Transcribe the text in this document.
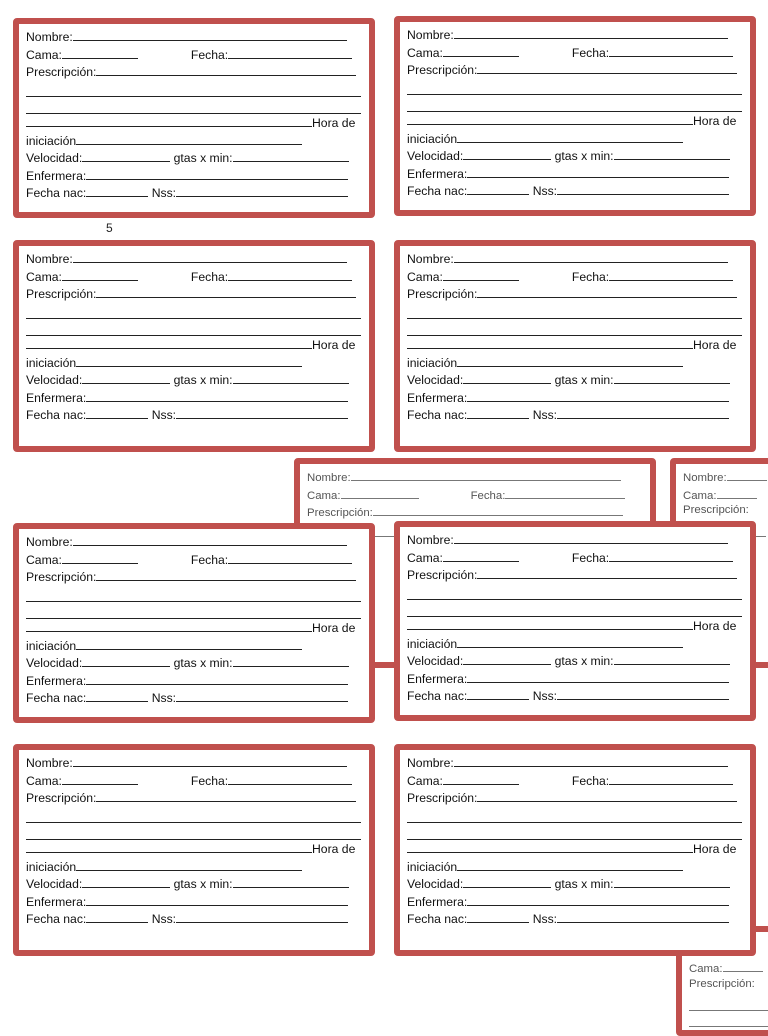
Nombre:
Cama:	Fecha:
Prescripción:
Nombre:
Cama:
Prescripción:
Cama:
Prescripción:
5
Nombre:
Cama:	Fecha:
Prescripción:
Hora de
iniciación
Velocidad:	gtas x min:
Enfermera:
Fecha nac:	Nss:
Nombre:
Cama:	Fecha:
Prescripción:
Hora de
iniciación
Velocidad:	gtas x min:
Enfermera:
Fecha nac:	Nss:
Nombre:
Cama:	Fecha:
Prescripción:
Hora de
iniciación
Velocidad:	gtas x min:
Enfermera:
Fecha nac:	Nss:
Nombre:
Cama:	Fecha:
Prescripción:
Hora de
iniciación
Velocidad:	gtas x min:
Enfermera:
Fecha nac:	Nss:
Nombre:
Cama:	Fecha:
Prescripción:
Hora de
iniciación
Velocidad:	gtas x min:
Enfermera:
Fecha nac:	Nss:
Nombre:
Cama:	Fecha:
Prescripción:
Hora de
iniciación
Velocidad:	gtas x min:
Enfermera:
Fecha nac:	Nss:
Nombre:
Cama:	Fecha:
Prescripción:
Hora de
iniciación
Velocidad:	gtas x min:
Enfermera:
Fecha nac:	Nss:
Nombre:
Cama:	Fecha:
Prescripción:
Hora de
iniciación
Velocidad:	gtas x min:
Enfermera:
Fecha nac:	Nss:
